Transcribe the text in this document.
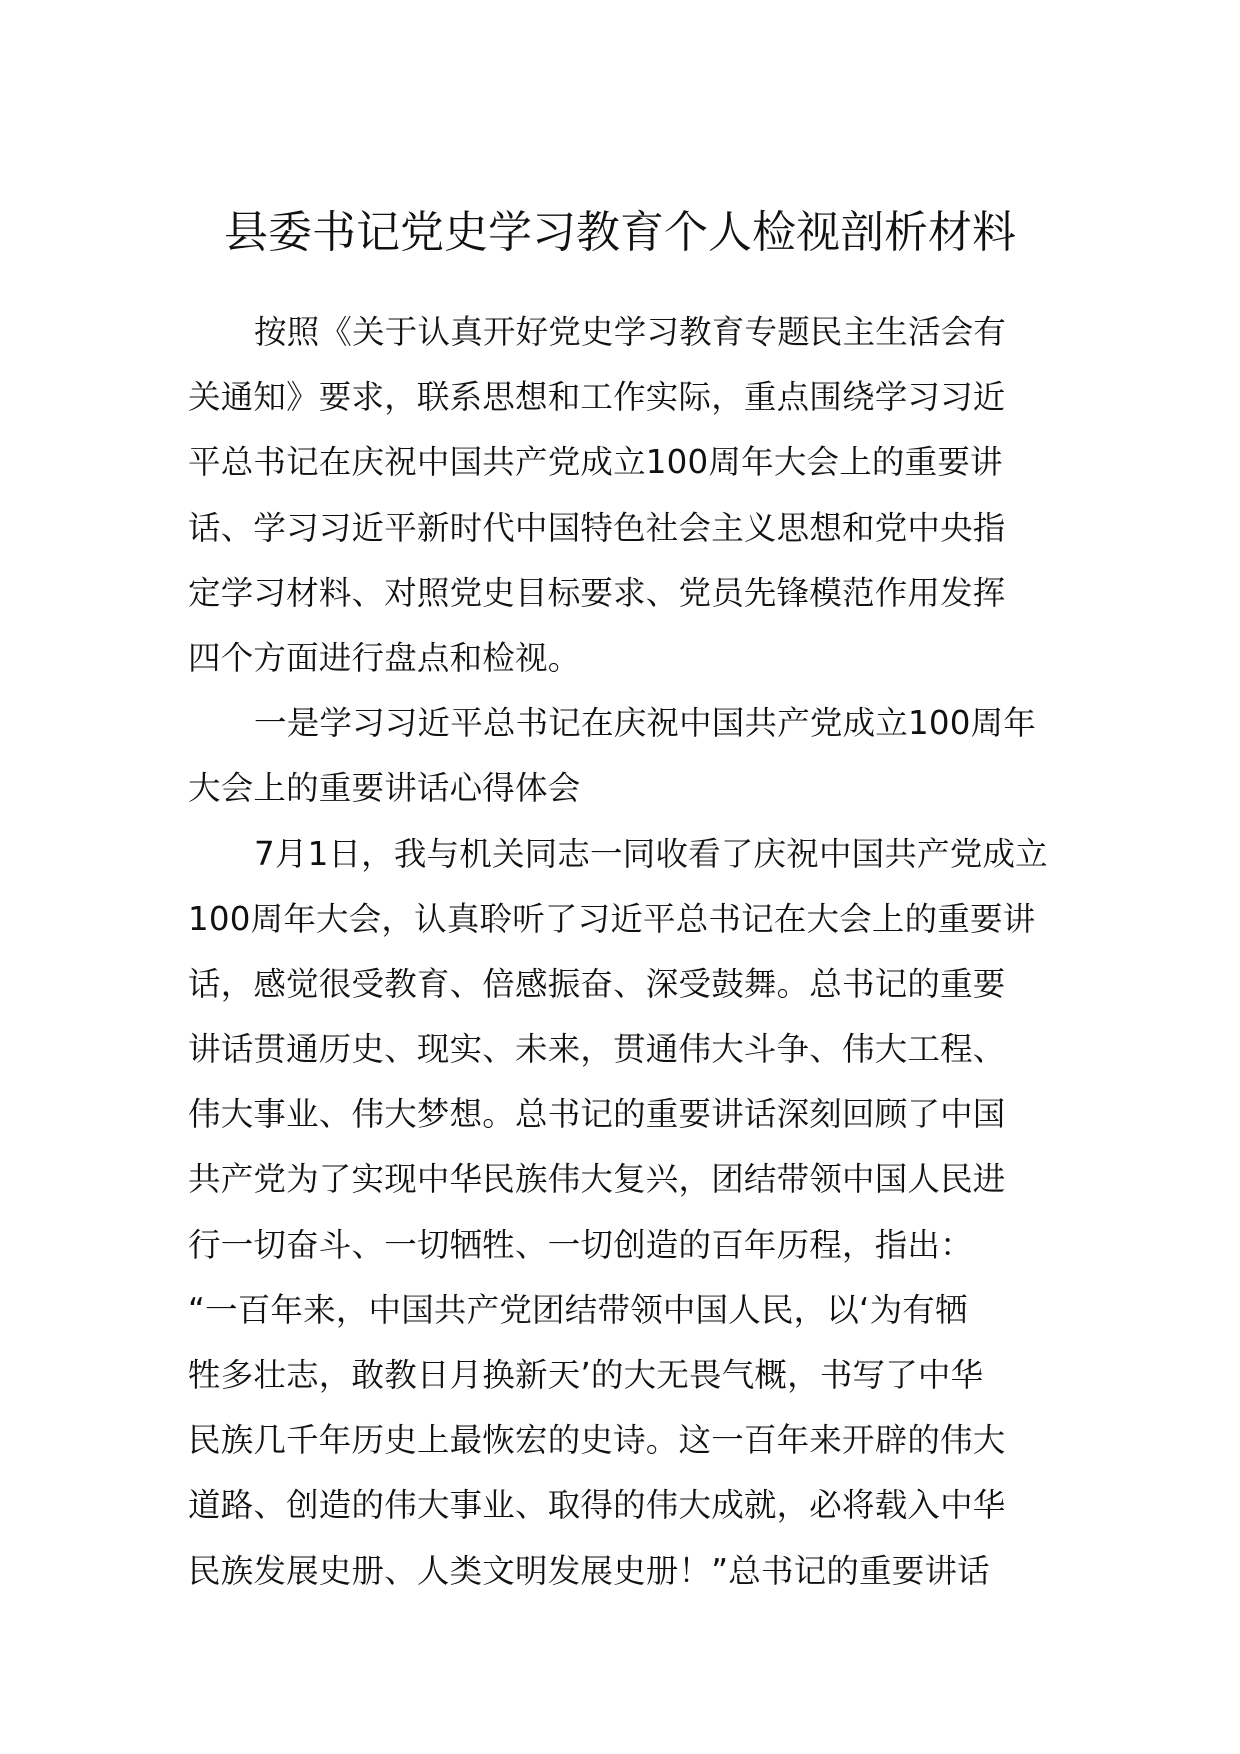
县委书记党史学习教育个人检视剖析材料
按照《关于认真开好党史学习教育专题民主生活会有
关通知》要求，联系思想和工作实际，重点围绕学习习近
平总书记在庆祝中国共产党成立100周年大会上的重要讲
话、学习习近平新时代中国特色社会主义思想和党中央指
定学习材料、对照党史目标要求、党员先锋模范作用发挥
四个方面进行盘点和检视。
一是学习习近平总书记在庆祝中国共产党成立100周年
大会上的重要讲话心得体会
7月1日，我与机关同志一同收看了庆祝中国共产党成立
100周年大会，认真聆听了习近平总书记在大会上的重要讲
话，感觉很受教育、倍感振奋、深受鼓舞。总书记的重要
讲话贯通历史、现实、未来，贯通伟大斗争、伟大工程、
伟大事业、伟大梦想。总书记的重要讲话深刻回顾了中国
共产党为了实现中华民族伟大复兴，团结带领中国人民进
行一切奋斗、一切牺牲、一切创造的百年历程，指出：
“一百年来，中国共产党团结带领中国人民，以‘为有牺
牲多壮志，敢教日月换新天’的大无畏气概，书写了中华
民族几千年历史上最恢宏的史诗。这一百年来开辟的伟大
道路、创造的伟大事业、取得的伟大成就，必将载入中华
民族发展史册、人类文明发展史册！”总书记的重要讲话
